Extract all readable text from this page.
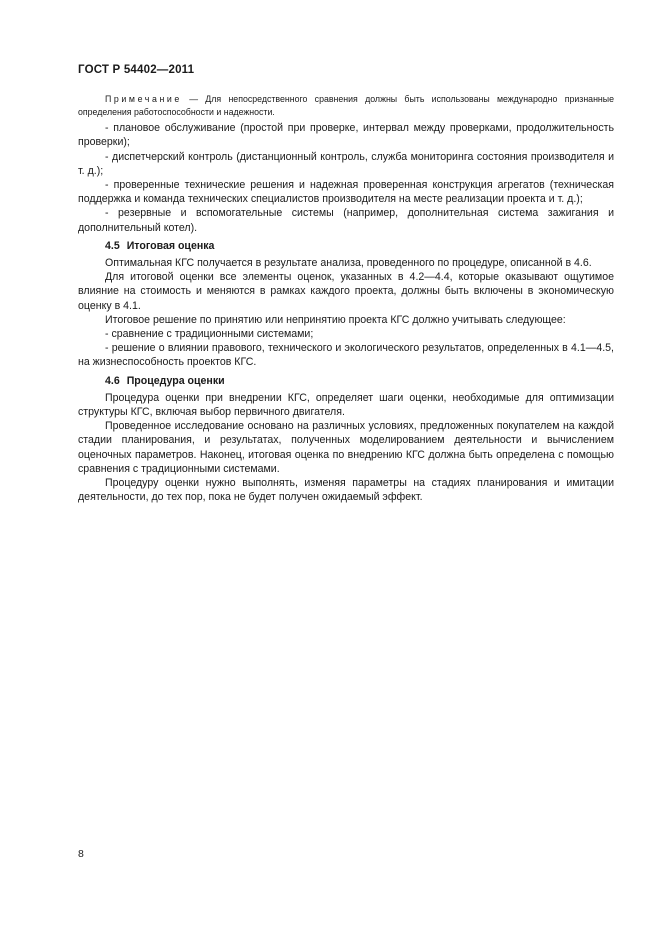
ГОСТ Р 54402—2011

Примечание — Для непосредственного сравнения должны быть использованы международно признанные определения работоспособности и надежности.

- плановое обслуживание (простой при проверке, интервал между проверками, продолжительность проверки);

- диспетчерский контроль (дистанционный контроль, служба мониторинга состояния производителя и т. д.);

- проверенные технические решения и надежная проверенная конструкция агрегатов (техническая поддержка и команда технических специалистов производителя на месте реализации проекта и т. д.);

- резервные и вспомогательные системы (например, дополнительная система зажигания и дополнительный котел).

4.5 Итоговая оценка

Оптимальная КГС получается в результате анализа, проведенного по процедуре, описанной в 4.6.

Для итоговой оценки все элементы оценок, указанных в 4.2—4.4, которые оказывают ощутимое влияние на стоимость и меняются в рамках каждого проекта, должны быть включены в экономическую оценку в 4.1.

Итоговое решение по принятию или непринятию проекта КГС должно учитывать следующее:

- сравнение с традиционными системами;

- решение о влиянии правового, технического и экологического результатов, определенных в 4.1—4.5, на жизнеспособность проектов КГС.

4.6 Процедура оценки

Процедура оценки при внедрении КГС, определяет шаги оценки, необходимые для оптимизации структуры КГС, включая выбор первичного двигателя.

Проведенное исследование основано на различных условиях, предложенных покупателем на каждой стадии планирования, и результатах, полученных моделированием деятельности и вычислением оценочных параметров. Наконец, итоговая оценка по внедрению КГС должна быть определена с помощью сравнения с традиционными системами.

Процедуру оценки нужно выполнять, изменяя параметры на стадиях планирования и имитации деятельности, до тех пор, пока не будет получен ожидаемый эффект.

8
